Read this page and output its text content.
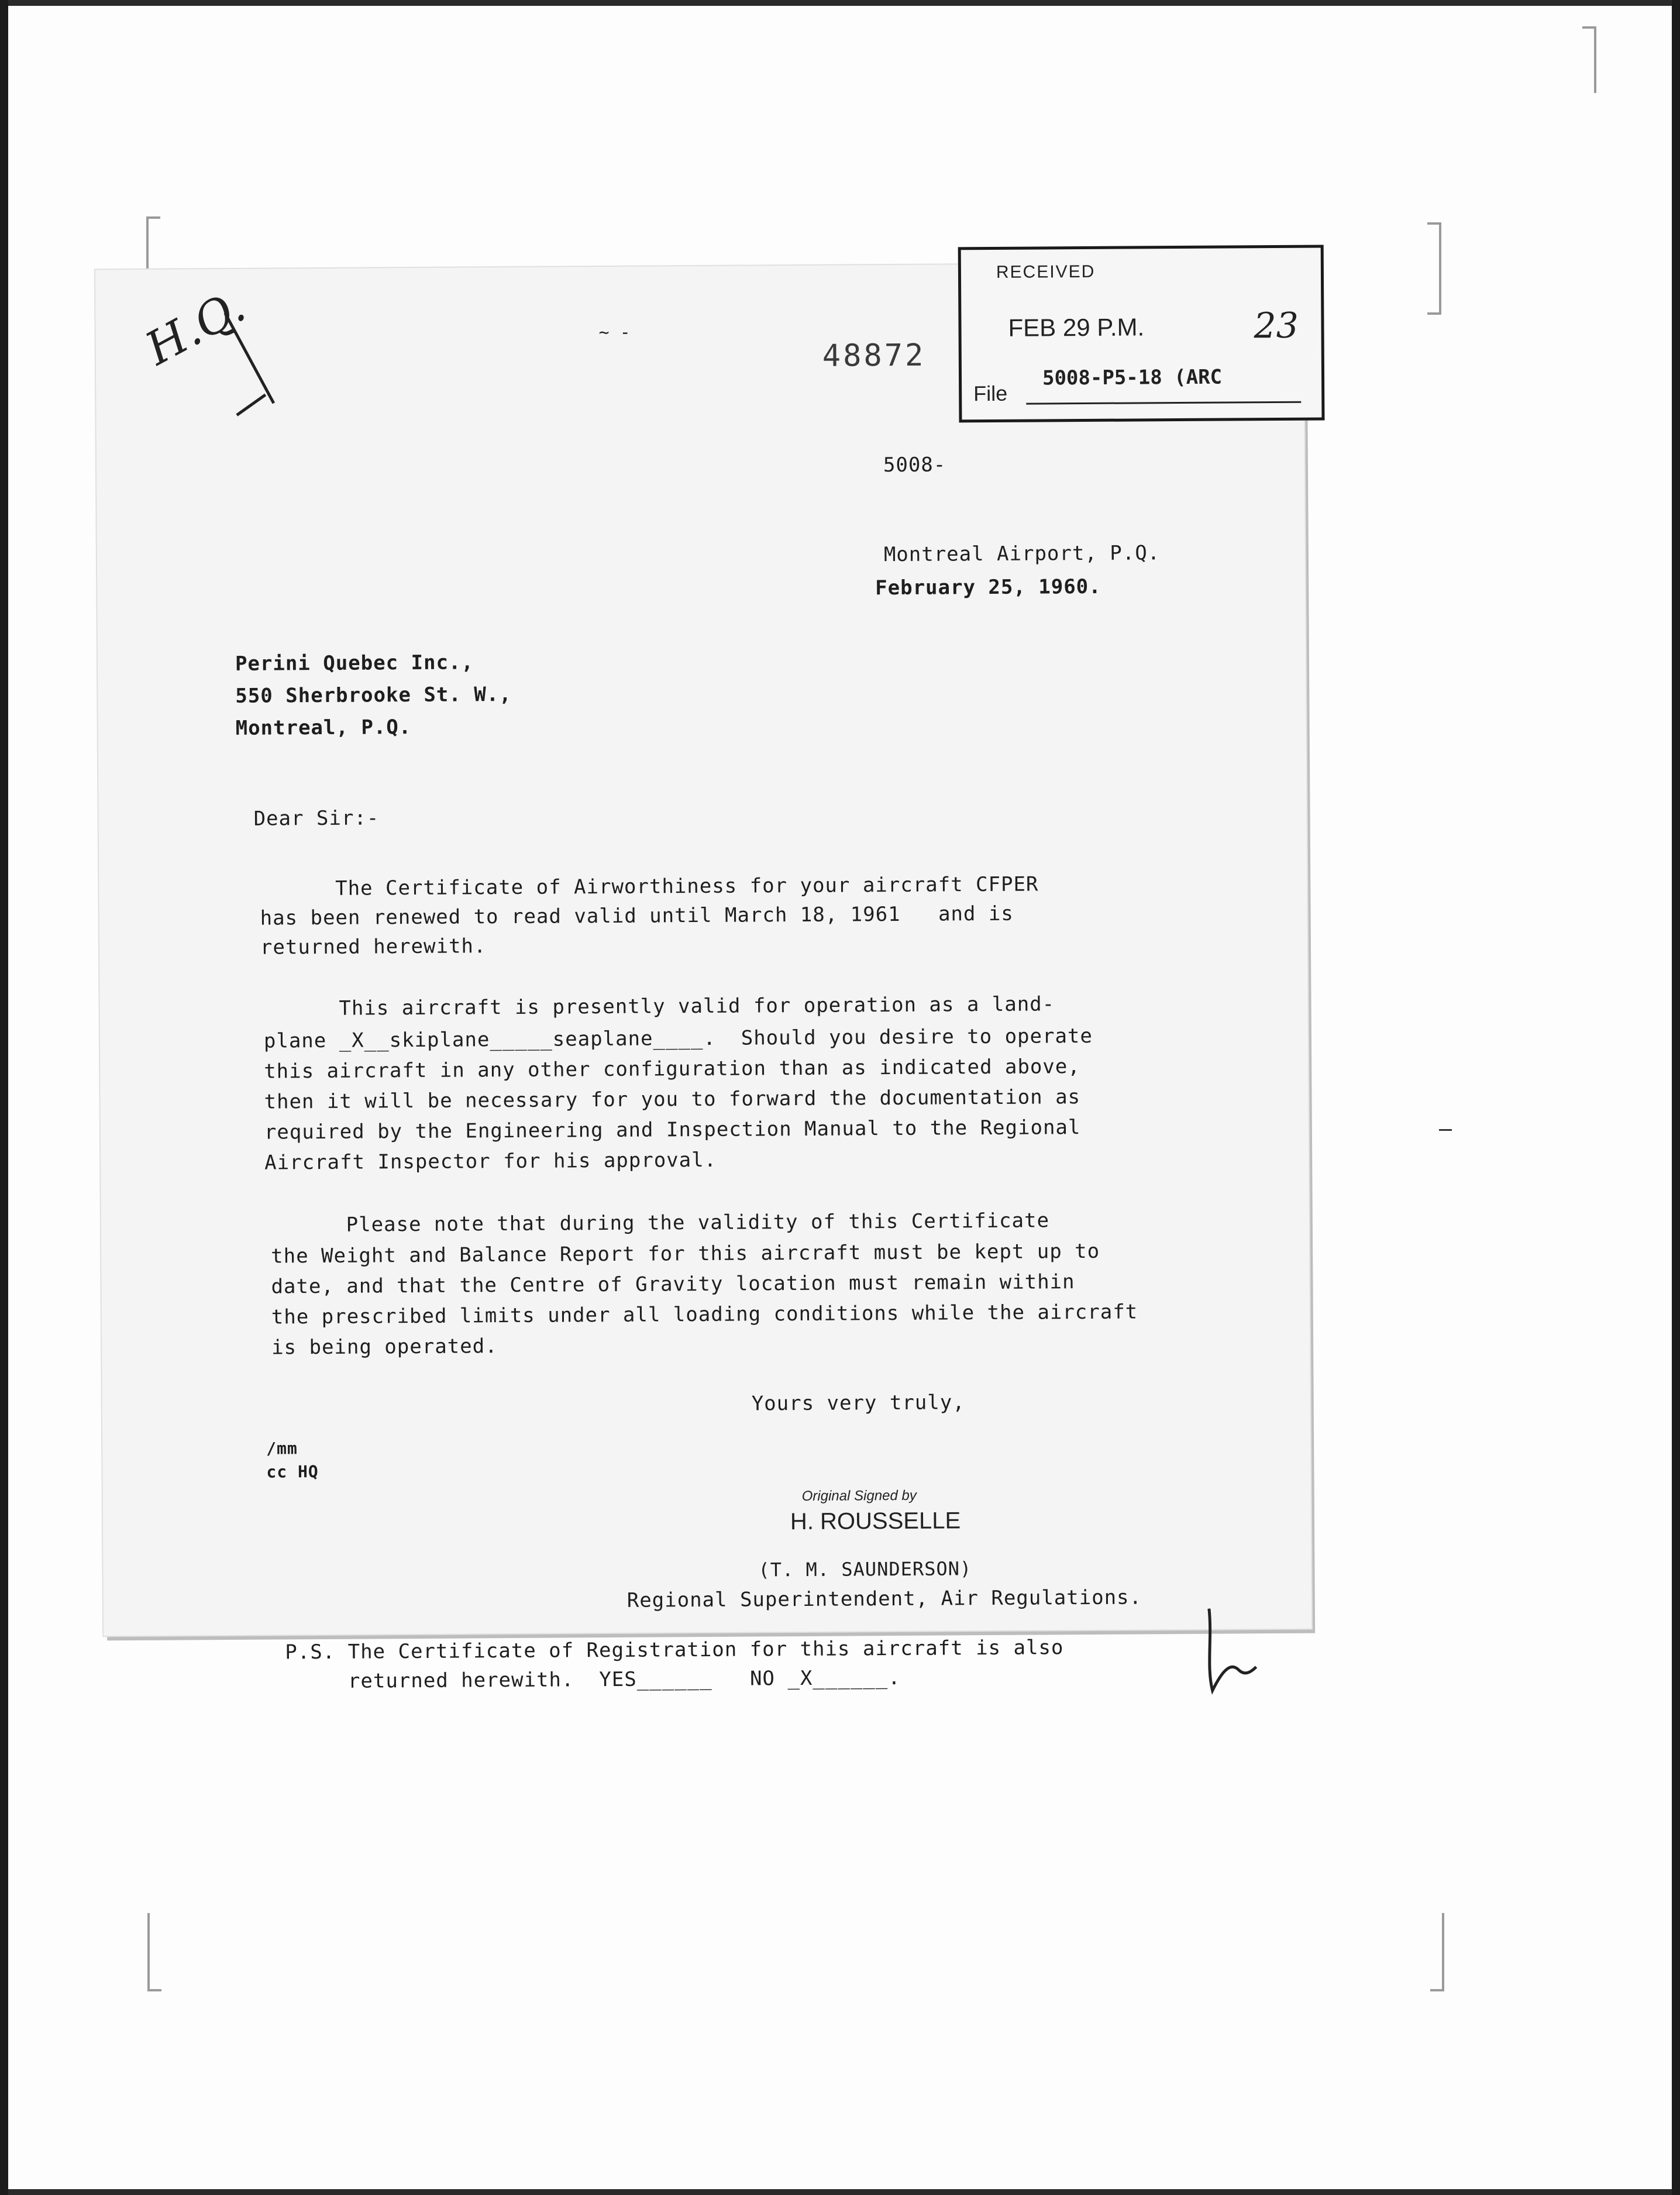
H.Q.	~ -
48872
RECEIVED
FEB 29 P.M.	23
5008-P5-18 (ARC
File
5008-
Montreal Airport, P.Q.
February 25, 1960.
Perini Quebec Inc.,
550 Sherbrooke St. W.,
Montreal, P.Q.
Dear Sir:-
The Certificate of Airworthiness for your aircraft CFPER
has been renewed to read valid until March 18, 1961   and is
returned herewith.
This aircraft is presently valid for operation as a land-
plane _X__skiplane_____seaplane____.  Should you desire to operate
this aircraft in any other configuration than as indicated above,
then it will be necessary for you to forward the documentation as
required by the Engineering and Inspection Manual to the Regional
Aircraft Inspector for his approval.
Please note that during the validity of this Certificate
the Weight and Balance Report for this aircraft must be kept up to
date, and that the Centre of Gravity location must remain within
the prescribed limits under all loading conditions while the aircraft
is being operated.
Yours very truly,
/mm
cc HQ
Original Signed by
H. ROUSSELLE
(T. M. SAUNDERSON)
Regional Superintendent, Air Regulations.
P.S. The Certificate of Registration for this aircraft is also
returned herewith.  YES______   NO _X______.
